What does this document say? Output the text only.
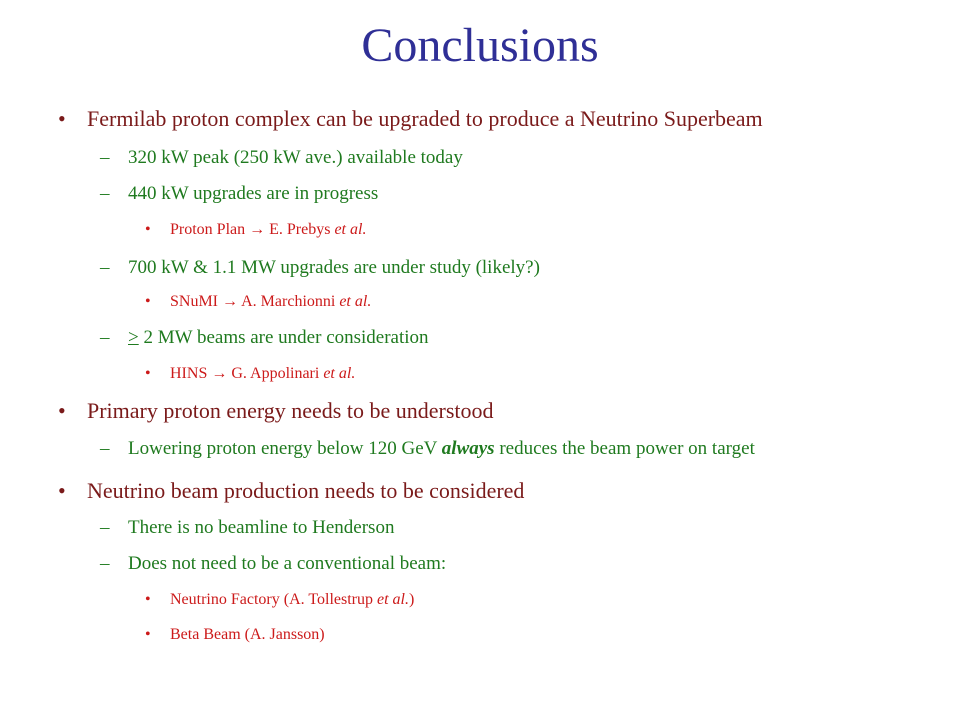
Conclusions
• Fermilab proton complex can be upgraded to produce a Neutrino Superbeam
– 320 kW peak (250 kW ave.) available today
– 440 kW upgrades are in progress
• Proton Plan → E. Prebys et al.
– 700 kW & 1.1 MW upgrades are under study (likely?)
• SNuMI → A. Marchionni et al.
– > 2 MW beams are under consideration
• HINS → G. Appolinari et al.
• Primary proton energy needs to be understood
– Lowering proton energy below 120 GeV always reduces the beam power on target
• Neutrino beam production needs to be considered
– There is no beamline to Henderson
– Does not need to be a conventional beam:
• Neutrino Factory (A. Tollestrup et al.)
• Beta Beam (A. Jansson)
